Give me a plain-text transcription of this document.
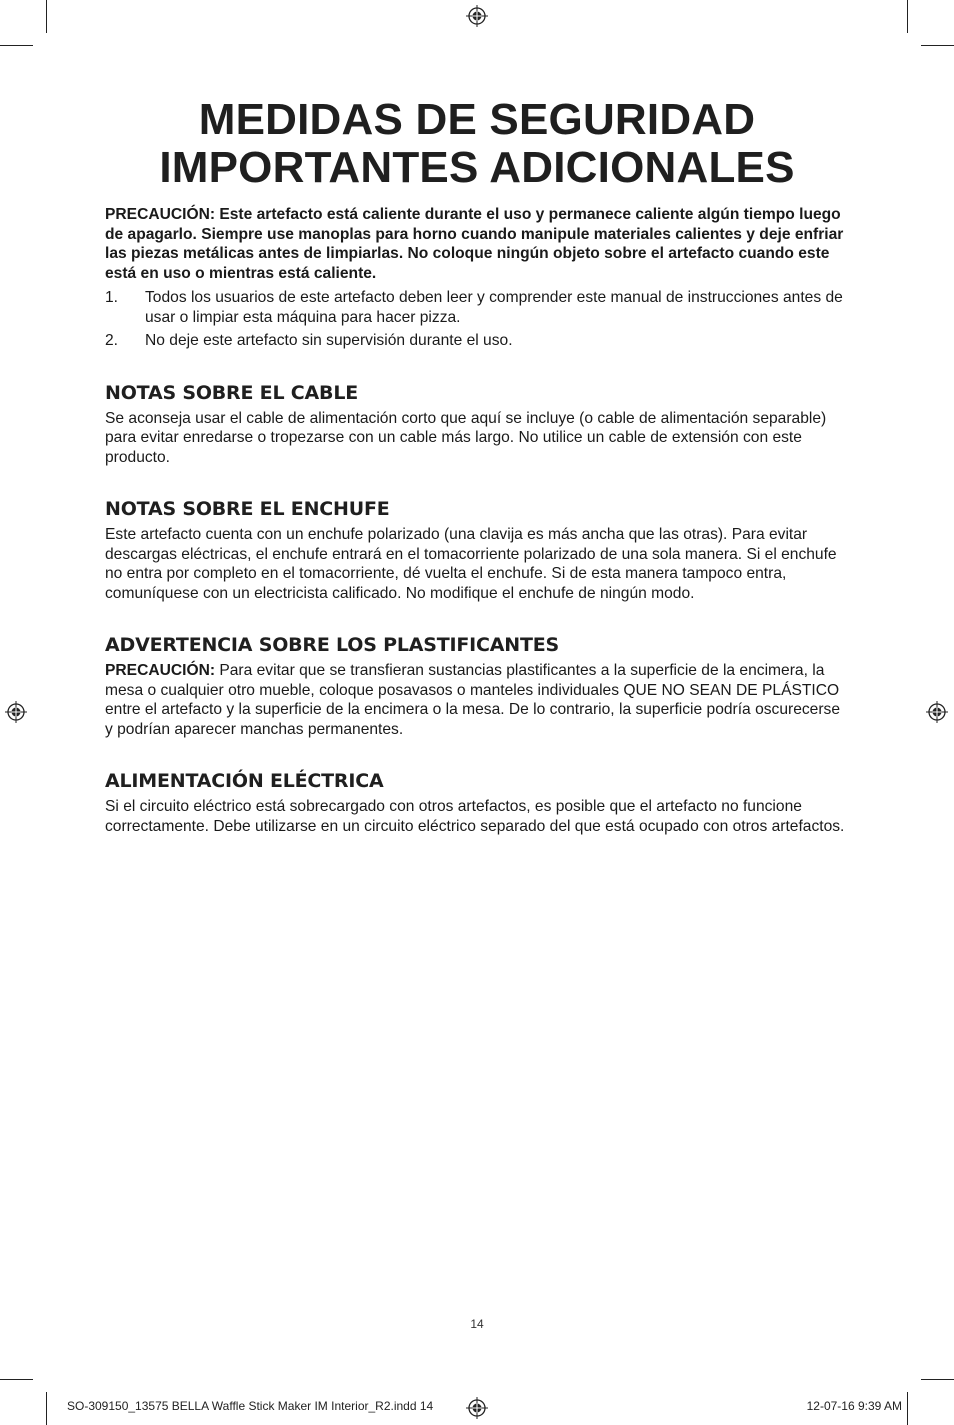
MEDIDAS DE SEGURIDAD
IMPORTANTES ADICIONALES

PRECAUCIÓN: Este artefacto está caliente durante el uso y permanece caliente algún tiempo luego de apagarlo. Siempre use manoplas para horno cuando manipule materiales calientes y deje enfriar las piezas metálicas antes de limpiarlas. No coloque ningún objeto sobre el artefacto cuando este está en uso o mientras está caliente.

1.	Todos los usuarios de este artefacto deben leer y comprender este manual de instrucciones antes de usar o limpiar esta máquina para hacer pizza.
2.	No deje este artefacto sin supervisión durante el uso.
NOTAS SOBRE EL CABLE

Se aconseja usar el cable de alimentación corto que aquí se incluye (o cable de alimentación separable) para evitar enredarse o tropezarse con un cable más largo. No utilice un cable de extensión con este producto.

NOTAS SOBRE EL ENCHUFE

Este artefacto cuenta con un enchufe polarizado (una clavija es más ancha que las otras). Para evitar descargas eléctricas, el enchufe entrará en el tomacorriente polarizado de una sola manera. Si el enchufe no entra por completo en el tomacorriente, dé vuelta el enchufe. Si de esta manera tampoco entra, comuníquese con un electricista calificado. No modifique el enchufe de ningún modo.

ADVERTENCIA SOBRE LOS PLASTIFICANTES

PRECAUCIÓN: Para evitar que se transfieran sustancias plastificantes a la superficie de la encimera, la mesa o cualquier otro mueble, coloque posavasos o manteles individuales QUE NO SEAN DE PLÁSTICO entre el artefacto y la superficie de la encimera o la mesa. De lo contrario, la superficie podría oscurecerse y podrían aparecer manchas permanentes.

ALIMENTACIÓN ELÉCTRICA

Si el circuito eléctrico está sobrecargado con otros artefactos, es posible que el artefacto no funcione correctamente. Debe utilizarse en un circuito eléctrico separado del que está ocupado con otros artefactos.

14
SO-309150_13575 BELLA Waffle Stick Maker IM Interior_R2.indd 14	12-07-16 9:39 AM
